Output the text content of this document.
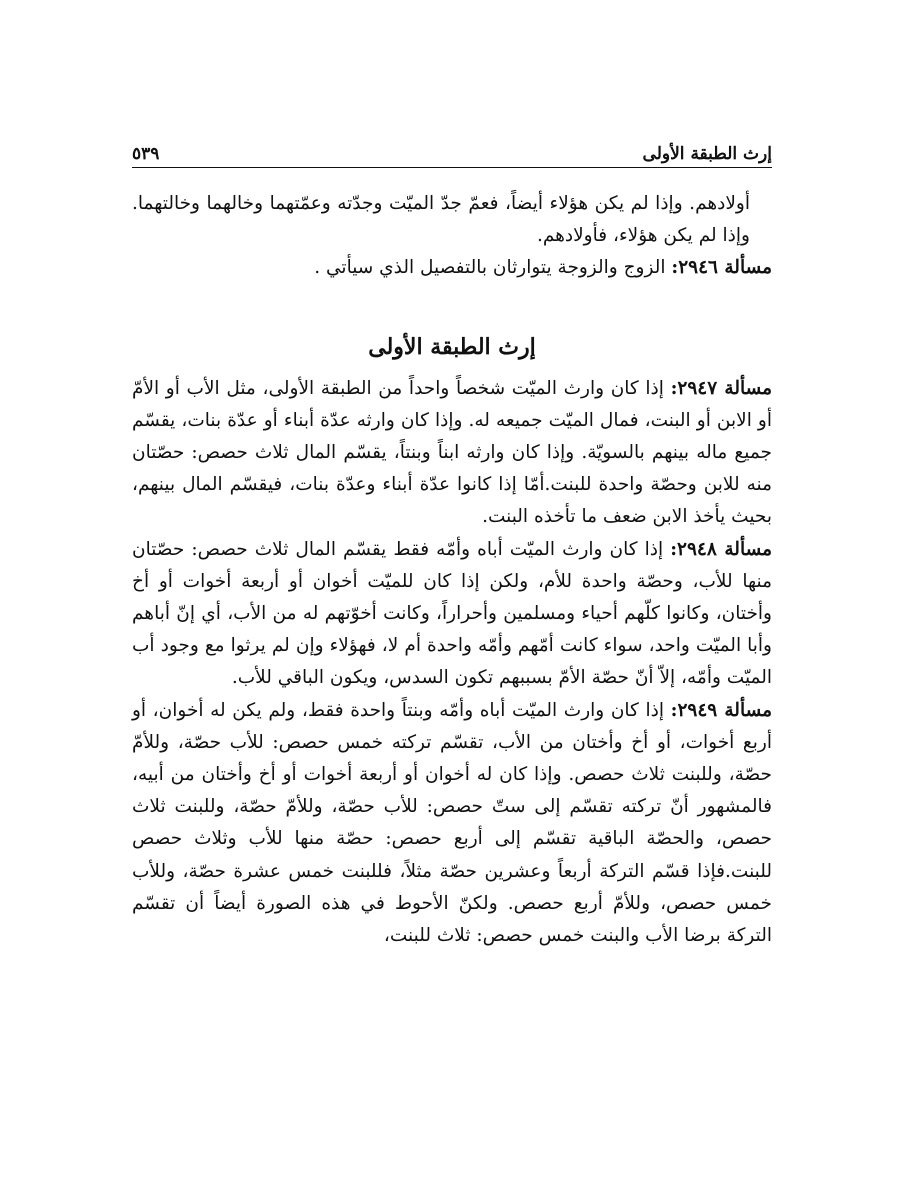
إرث الطبقة الأولى
٥٣٩

أولادهم. وإذا لم يكن هؤلاء أيضاً، فعمّ جدّ الميّت وجدّته وعمّتهما وخالهما وخالتهما. وإذا لم يكن هؤلاء، فأولادهم.

مسألة ٢٩٤٦: الزوج والزوجة يتوارثان بالتفصيل الذي سيأتي .

إرث الطبقة الأولى

مسألة ٢٩٤٧: إذا كان وارث الميّت شخصاً واحداً من الطبقة الأولى، مثل الأب أو الأمّ أو الابن أو البنت، فمال الميّت جميعه له. وإذا كان وارثه عدّة أبناء أو عدّة بنات، يقسّم جميع ماله بينهم بالسويّة. وإذا كان وارثه ابناً وبنتاً، يقسّم المال ثلاث حصص: حصّتان منه للابن وحصّة واحدة للبنت.أمّا إذا كانوا عدّة أبناء وعدّة بنات، فيقسّم المال بينهم، بحيث يأخذ الابن ضعف ما تأخذه البنت.

مسألة ٢٩٤٨: إذا كان وارث الميّت أباه وأمّه فقط يقسّم المال ثلاث حصص: حصّتان منها للأب، وحصّة واحدة للأم، ولكن إذا كان للميّت أخوان أو أربعة أخوات أو أخ وأختان، وكانوا كلّهم أحياء ومسلمين وأحراراً، وكانت أخوّتهم له من الأب، أي إنّ أباهم وأبا الميّت واحد، سواء كانت أمّهم وأمّه واحدة أم لا، فهؤلاء وإن لم يرثوا مع وجود أب الميّت وأمّه، إلاّ أنّ حصّة الأمّ بسببهم تكون السدس، ويكون الباقي للأب.

مسألة ٢٩٤٩: إذا كان وارث الميّت أباه وأمّه وبنتاً واحدة فقط، ولم يكن له أخوان، أو أربع أخوات، أو أخ وأختان من الأب، تقسّم تركته خمس حصص: للأب حصّة، وللأمّ حصّة، وللبنت ثلاث حصص. وإذا كان له أخوان أو أربعة أخوات أو أخ وأختان من أبيه، فالمشهور أنّ تركته تقسّم إلى ستّ حصص: للأب حصّة، وللأمّ حصّة، وللبنت ثلاث حصص، والحصّة الباقية تقسّم إلى أربع حصص: حصّة منها للأب وثلاث حصص للبنت.فإذا قسّم التركة أربعاً وعشرين حصّة مثلاً، فللبنت خمس عشرة حصّة، وللأب خمس حصص، وللأمّ أربع حصص. ولكنّ الأحوط في هذه الصورة أيضاً أن تقسّم التركة برضا الأب والبنت خمس حصص: ثلاث للبنت،
